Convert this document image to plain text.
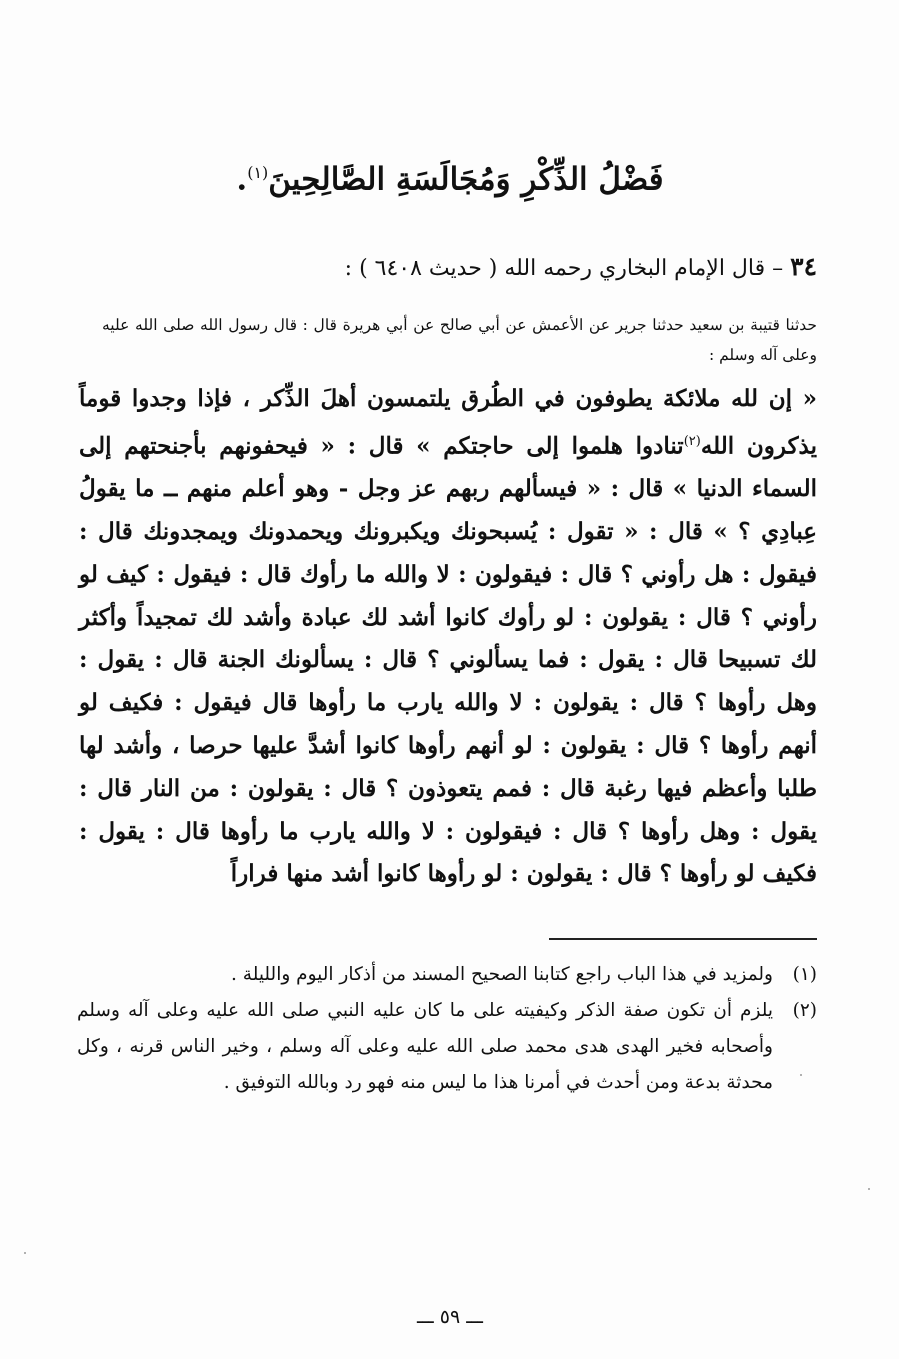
فَضْلُ الذِّكْرِ وَمُجَالَسَةِ الصَّالِحِينَ$^{(١)}$.
٣٤ – قال الإمام البخاري رحمه الله ( حديث ٦٤٠٨ ) :
حدثنا قتيبة بن سعيد حدثنا جرير عن الأعمش عن أبي صالح عن أبي هريرة قال : قال رسول الله صلى الله عليه وعلى آله وسلم :
« إن لله ملائكة يطوفون في الطُرق يلتمسون أهلَ الذِّكر ، فإذا وجدوا قوماً يذكرون الله$^{(٢)}$تنادوا هلموا إلى حاجتكم » قال : « فيحفونهم بأجنحتهم إلى السماء الدنيا » قال : « فيسألهم ربهم عز وجل - وهو أعلم منهم ــ ما يقولُ عِبادِي ؟ » قال : « تقول : يُسبحونك ويكبرونك ويحمدونك ويمجدونك قال : فيقول : هل رأوني ؟ قال : فيقولون : لا والله ما رأوك قال : فيقول : كيف لو رأوني ؟ قال : يقولون : لو رأوك كانوا أشد لك عبادة وأشد لك تمجيداً وأكثر لك تسبيحا قال : يقول : فما يسألوني ؟ قال : يسألونك الجنة قال : يقول : وهل رأوها ؟ قال : يقولون : لا والله يارب ما رأوها قال فيقول : فكيف لو أنهم رأوها ؟ قال : يقولون : لو أنهم رأوها كانوا أشدَّ عليها حرصا ، وأشد لها طلبا وأعظم فيها رغبة قال : فمم يتعوذون ؟ قال : يقولون : من النار قال : يقول : وهل رأوها ؟ قال : فيقولون : لا والله يارب ما رأوها قال : يقول : فكيف لو رأوها ؟ قال : يقولون : لو رأوها كانوا أشد منها فراراً
(١)
ولمزيد في هذا الباب راجع كتابنا الصحيح المسند من أذكار اليوم والليلة .
(٢)
يلزم أن تكون صفة الذكر وكيفيته على ما كان عليه النبي صلى الله عليه وعلى آله وسلم وأصحابه فخير الهدى هدى محمد صلى الله عليه وعلى آله وسلم ، وخير الناس قرنه ، وكل محدثة بدعة ومن أحدث في أمرنا هذا ما ليس منه فهو رد وبالله التوفيق .
ـــ ٥٩ ـــ
